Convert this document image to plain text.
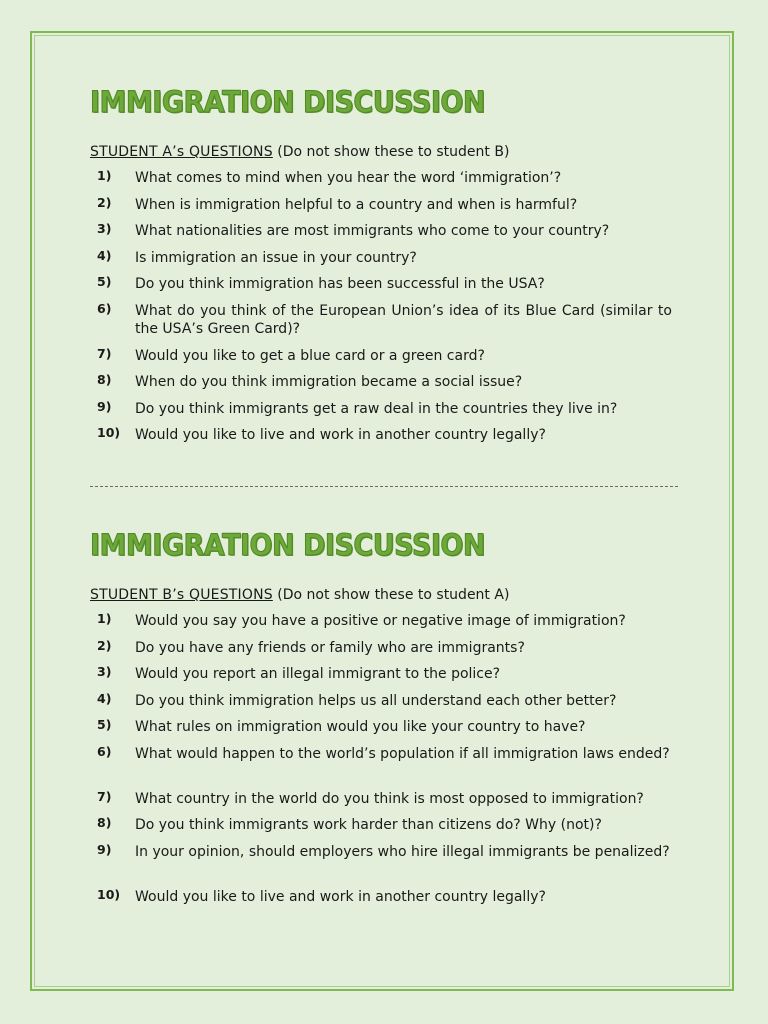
IMMIGRATION DISCUSSION
STUDENT A’s QUESTIONS (Do not show these to student B)
1)	What comes to mind when you hear the word ‘immigration’?
2)	When is immigration helpful to a country and when is harmful?
3)	What nationalities are most immigrants who come to your country?
4)	Is immigration an issue in your country?
5)	Do you think immigration has been successful in the USA?
6)	What do you think of the European Union’s idea of its Blue Card (similar to the USA’s Green Card)?
7)	Would you like to get a blue card or a green card?
8)	When do you think immigration became a social issue?
9)	Do you think immigrants get a raw deal in the countries they live in?
10)	Would you like to live and work in another country legally?
IMMIGRATION DISCUSSION
STUDENT B’s QUESTIONS (Do not show these to student A)
1)	Would you say you have a positive or negative image of immigration?
2)	Do you have any friends or family who are immigrants?
3)	Would you report an illegal immigrant to the police?
4)	Do you think immigration helps us all understand each other better?
5)	What rules on immigration would you like your country to have?
6)	What would happen to the world’s population if all immigration laws ended?
7)	What country in the world do you think is most opposed to immigration?
8)	Do you think immigrants work harder than citizens do? Why (not)?
9)	In your opinion, should employers who hire illegal immigrants be penalized?
10)	Would you like to live and work in another country legally?
